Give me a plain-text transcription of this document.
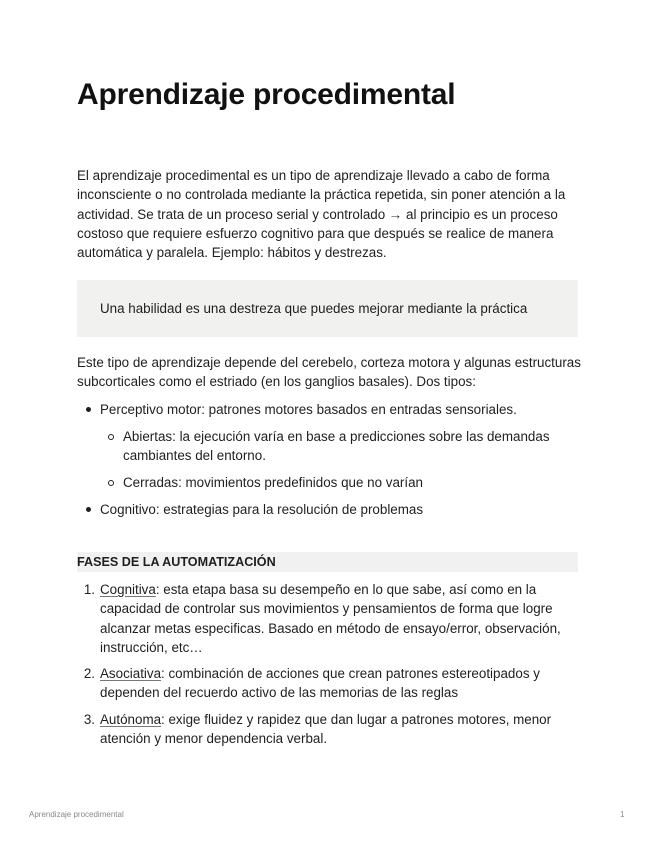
Aprendizaje procedimental

El aprendizaje procedimental es un tipo de aprendizaje llevado a cabo de forma inconsciente o no controlada mediante la práctica repetida, sin poner atención a la actividad. Se trata de un proceso serial y controlado → al principio es un proceso costoso que requiere esfuerzo cognitivo para que después se realice de manera automática y paralela. Ejemplo: hábitos y destrezas.

Una habilidad es una destreza que puedes mejorar mediante la práctica

Este tipo de aprendizaje depende del cerebelo, corteza motora y algunas estructuras subcorticales como el estriado (en los ganglios basales). Dos tipos:

Perceptivo motor: patrones motores basados en entradas sensoriales.
Abiertas: la ejecución varía en base a predicciones sobre las demandas cambiantes del entorno.
Cerradas: movimientos predefinidos que no varían
Cognitivo: estrategias para la resolución de problemas
FASES DE LA AUTOMATIZACIÓN
1. Cognitiva: esta etapa basa su desempeño en lo que sabe, así como en la capacidad de controlar sus movimientos y pensamientos de forma que logre alcanzar metas especificas. Basado en método de ensayo/error, observación, instrucción, etc…
2. Asociativa: combinación de acciones que crean patrones estereotipados y dependen del recuerdo activo de las memorias de las reglas
3. Autónoma: exige fluidez y rapidez que dan lugar a patrones motores, menor atención y menor dependencia verbal.
Aprendizaje procedimental	1
